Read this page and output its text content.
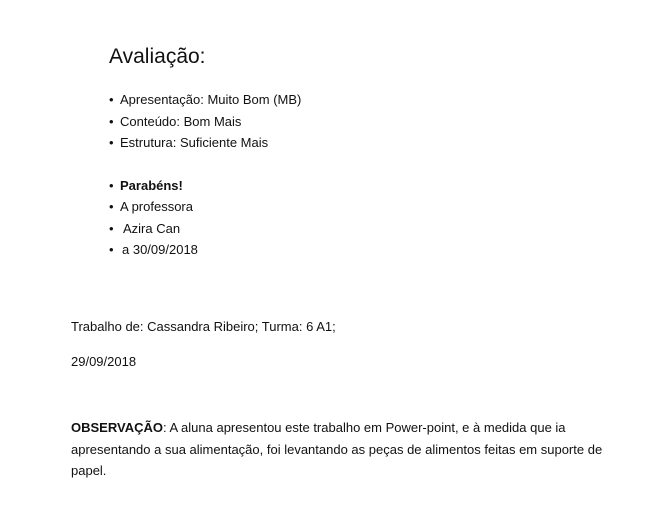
Avaliação:
• Apresentação: Muito Bom (MB)
• Conteúdo: Bom Mais
• Estrutura: Suficiente Mais
• Parabéns!
• A professora
• Azira Can
• a 30/09/2018

Trabalho de: Cassandra Ribeiro; Turma: 6 A1;

29/09/2018

OBSERVAÇÃO: A aluna apresentou este trabalho em Power-point, e à medida que ia apresentando a sua alimentação, foi levantando as peças de alimentos feitas em suporte de papel.
